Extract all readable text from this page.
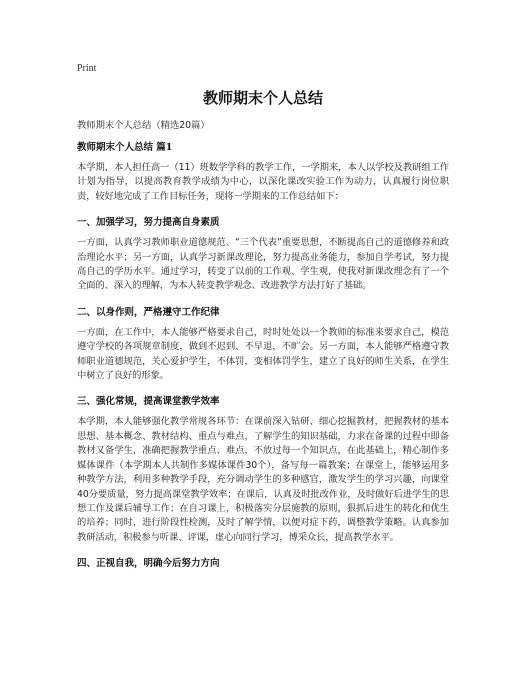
Print

教师期末个人总结

教师期末个人总结（精选20篇）

教师期末个人总结 篇1

本学期，本人担任高一（11）班数学学科的教学工作，一学期来，本人以学校及教研组工作计划为指导，以提高教育教学成绩为中心，以深化课改实验工作为动力，认真履行岗位职责，较好地完成了工作目标任务，现将一学期来的工作总结如下：

一、加强学习，努力提高自身素质

一方面，认真学习教师职业道德规范、“三个代表”重要思想，不断提高自己的道德修养和政治理论水平；另一方面，认真学习新课改理论，努力提高业务能力，参加自学考试，努力提高自己的学历水平。通过学习，转变了以前的工作观、学生观，使我对新课改理念有了一个全面的、深入的理解，为本人转变教学观念、改进教学方法打好了基础。

二、以身作则，严格遵守工作纪律

一方面，在工作中，本人能够严格要求自己，时时处处以一个教师的标准来要求自己，模范遵守学校的各项规章制度，做到不迟到、不早退，不旷会。另一方面，本人能够严格遵守教师职业道德规范，关心爱护学生，不体罚，变相体罚学生，建立了良好的师生关系，在学生中树立了良好的形象。

三、强化常规，提高课堂教学效率

本学期，本人能够强化教学常规各环节：在课前深入钻研、细心挖掘教材，把握教材的基本思想、基本概念、教材结构、重点与难点，了解学生的知识基础，力求在备课的过程中即备教材又备学生，准确把握教学重点、难点，不放过每一个知识点，在此基础上，精心制作多媒体课件（本学期本人共制作多媒体课件30个），备写每一篇教案；在课堂上，能够运用多种教学方法，利用多种教学手段，充分调动学生的多种感官，激发学生的学习兴趣，向课堂40分要质量，努力提高课堂教学效率；在课后，认真及时批改作业，及时做好后进学生的思想工作及课后辅导工作；在自习课上，积极落实分层施教的原则，狠抓后进生的转化和优生的培养；同时，进行阶段性检测，及时了解学情，以便对症下药，调整教学策略。认真参加教研活动，积极参与听课、评课，虚心向同行学习，博采众长，提高教学水平。

四、正视自我，明确今后努力方向
